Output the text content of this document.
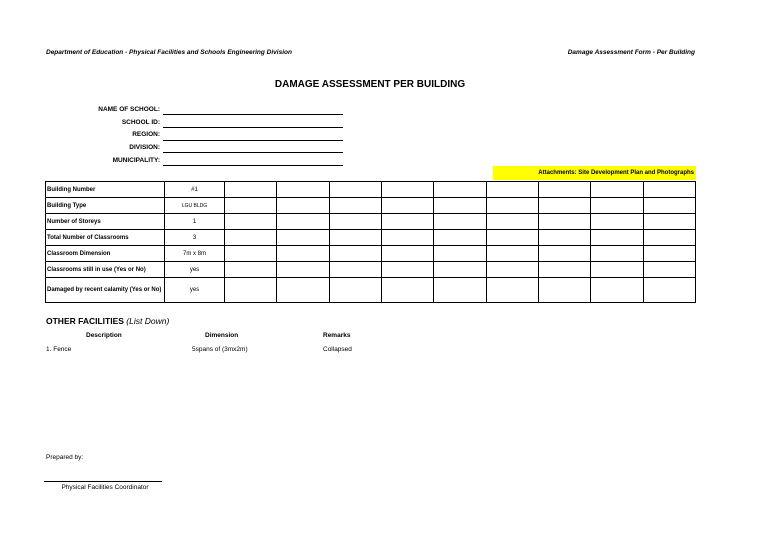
Department of Education - Physical Facilities and Schools Engineering Division	Damage Assessment Form - Per Building
DAMAGE ASSESSMENT PER BUILDING
NAME OF SCHOOL:
SCHOOL ID:
REGION:
DIVISION:
MUNICIPALITY:
Attachments: Site Development Plan and Photographs
Building Number	#1									
Building Type	LGU BLDG									
Number of Storeys	1									
Total Number of Classrooms	3									
Classroom Dimension	7m x 8m									
Classrooms still in use (Yes or No)	yes									
Damaged by recent calamity (Yes or No)	yes									
OTHER FACILITIES (List Down)
Description	Dimension	Remarks
1. Fence	5spans of (3mx2m)	Collapsed
Prepared by:
Physical Facilities Coordinator
